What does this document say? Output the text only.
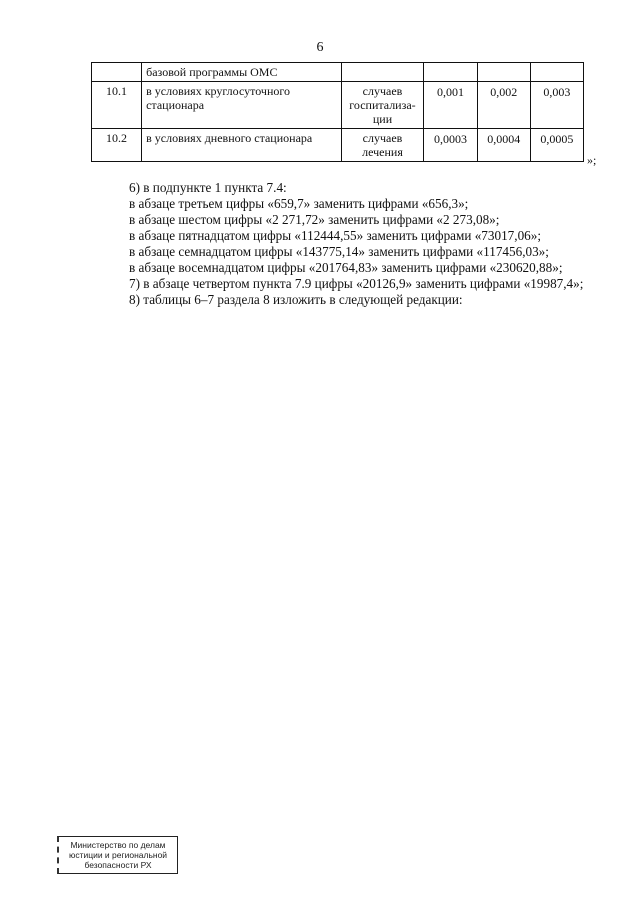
6
	базовой программы ОМС				
10.1	в условиях круглосуточного стационара	случаев госпитализа-ции	0,001	0,002	0,003
10.2	в условиях дневного стационара	случаев лечения	0,0003	0,0004	0,0005
»;

6) в подпункте 1 пункта 7.4:

в абзаце третьем цифры «659,7» заменить цифрами «656,3»;

в абзаце шестом цифры «2 271,72» заменить цифрами «2 273,08»;

в абзаце пятнадцатом цифры «112444,55» заменить цифрами «73017,06»;

в абзаце семнадцатом цифры «143775,14» заменить цифрами «117456,03»;

в абзаце восемнадцатом цифры «201764,83» заменить цифрами «230620,88»;

7) в абзаце четвертом пункта 7.9 цифры «20126,9» заменить цифрами «19987,4»;

8) таблицы 6–7 раздела 8 изложить в следующей редакции:

Министерство по делам
юстиции и региональной
безопасности РХ
